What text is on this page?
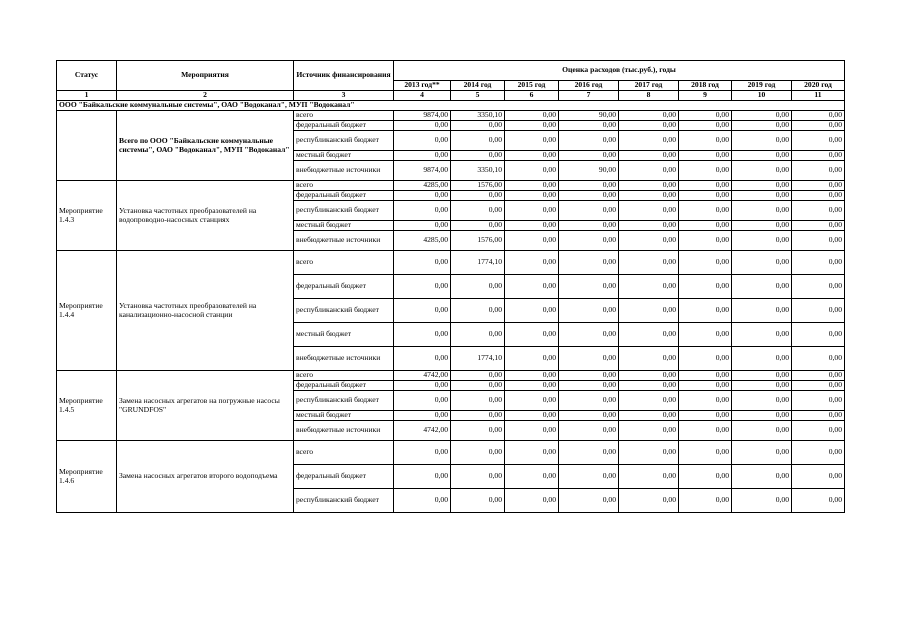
Статус	Мероприятия	Источник финансирования	Оценка расходов (тыс.руб.), годы							
			2013 год**	2014 год	2015 год	2016 год	2017 год	2018 год	2019 год	2020 год
1	2	3	4	5	6	7	8	9	10	11
ООО "Байкальские коммунальные системы", ОАО "Водоканал", МУП "Водоканал"										
	Всего по ООО "Байкальские коммунальные системы", ОАО "Водоканал", МУП "Водоканал"	всего	9874,00	3350,10	0,00	90,00	0,00	0,00	0,00	0,00
		федеральный бюджет	0,00	0,00	0,00	0,00	0,00	0,00	0,00	0,00
		республиканский бюджет	0,00	0,00	0,00	0,00	0,00	0,00	0,00	0,00
		местный бюджет	0,00	0,00	0,00	0,00	0,00	0,00	0,00	0,00
		внебюджетные источники	9874,00	3350,10	0,00	90,00	0,00	0,00	0,00	0,00
Мероприятие 1.4.3	Установка частотных преобразователей на водопроводно-насосных станциях	всего	4285,00	1576,00	0,00	0,00	0,00	0,00	0,00	0,00
		федеральный бюджет	0,00	0,00	0,00	0,00	0,00	0,00	0,00	0,00
		республиканский бюджет	0,00	0,00	0,00	0,00	0,00	0,00	0,00	0,00
		местный бюджет	0,00	0,00	0,00	0,00	0,00	0,00	0,00	0,00
		внебюджетные источники	4285,00	1576,00	0,00	0,00	0,00	0,00	0,00	0,00
Мероприятие 1.4.4	Установка частотных преобразователей на канализационно-насосной станции	всего	0,00	1774,10	0,00	0,00	0,00	0,00	0,00	0,00
		федеральный бюджет	0,00	0,00	0,00	0,00	0,00	0,00	0,00	0,00
		республиканский бюджет	0,00	0,00	0,00	0,00	0,00	0,00	0,00	0,00
		местный бюджет	0,00	0,00	0,00	0,00	0,00	0,00	0,00	0,00
		внебюджетные источники	0,00	1774,10	0,00	0,00	0,00	0,00	0,00	0,00
Мероприятие 1.4.5	Замена насосных агрегатов на погружные насосы "GRUNDFOS"	всего	4742,00	0,00	0,00	0,00	0,00	0,00	0,00	0,00
		федеральный бюджет	0,00	0,00	0,00	0,00	0,00	0,00	0,00	0,00
		республиканский бюджет	0,00	0,00	0,00	0,00	0,00	0,00	0,00	0,00
		местный бюджет	0,00	0,00	0,00	0,00	0,00	0,00	0,00	0,00
		внебюджетные источники	4742,00	0,00	0,00	0,00	0,00	0,00	0,00	0,00
Мероприятие 1.4.6	Замена насосных агрегатов второго водоподъема	всего	0,00	0,00	0,00	0,00	0,00	0,00	0,00	0,00
		федеральный бюджет	0,00	0,00	0,00	0,00	0,00	0,00	0,00	0,00
		республиканский бюджет	0,00	0,00	0,00	0,00	0,00	0,00	0,00	0,00
